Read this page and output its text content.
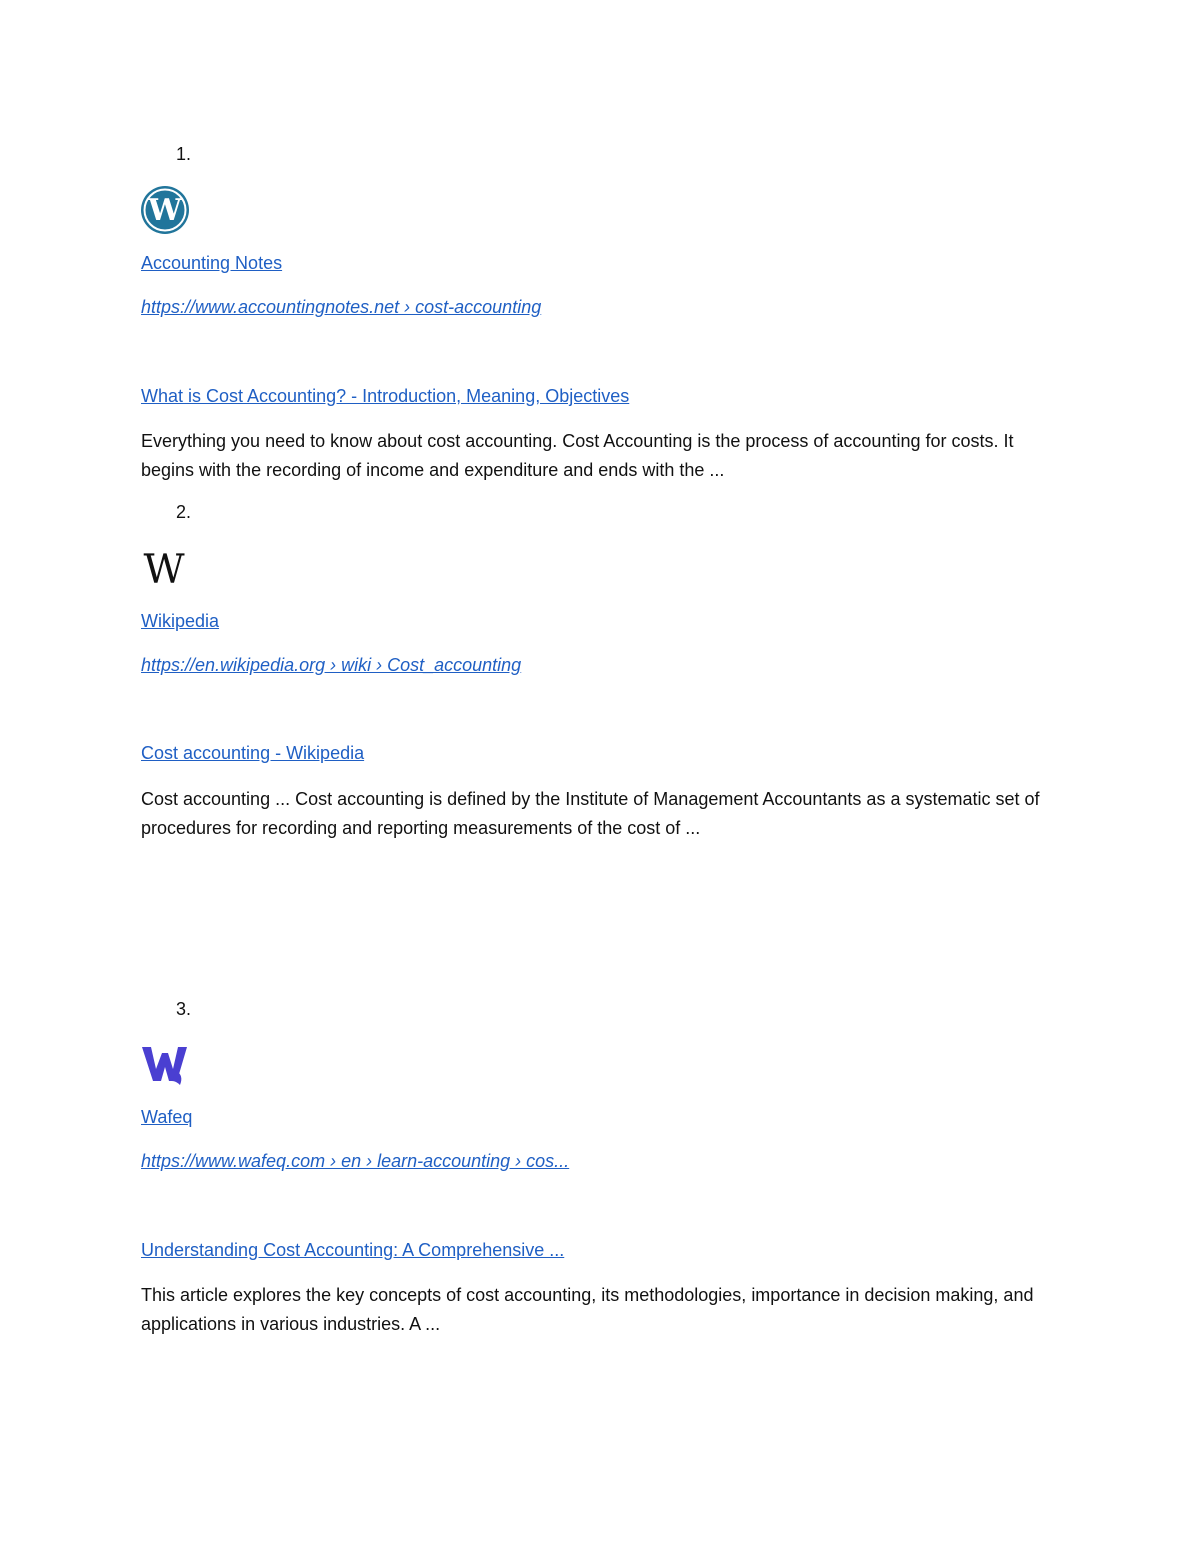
1.
W
Accounting Notes
https://www.accountingnotes.net › cost-accounting
What is Cost Accounting? - Introduction, Meaning, Objectives
Everything you need to know about cost accounting. Cost Accounting is the process of accounting for costs. It begins with the recording of income and expenditure and ends with the ...
2.
W
Wikipedia
https://en.wikipedia.org › wiki › Cost_accounting
Cost accounting - Wikipedia
Cost accounting ... Cost accounting is defined by the Institute of Management Accountants as a systematic set of procedures for recording and reporting measurements of the cost of ...
3.
Wafeq
https://www.wafeq.com › en › learn-accounting › cos...
Understanding Cost Accounting: A Comprehensive ...
This article explores the key concepts of cost accounting, its methodologies, importance in decision making, and applications in various industries. A ...
